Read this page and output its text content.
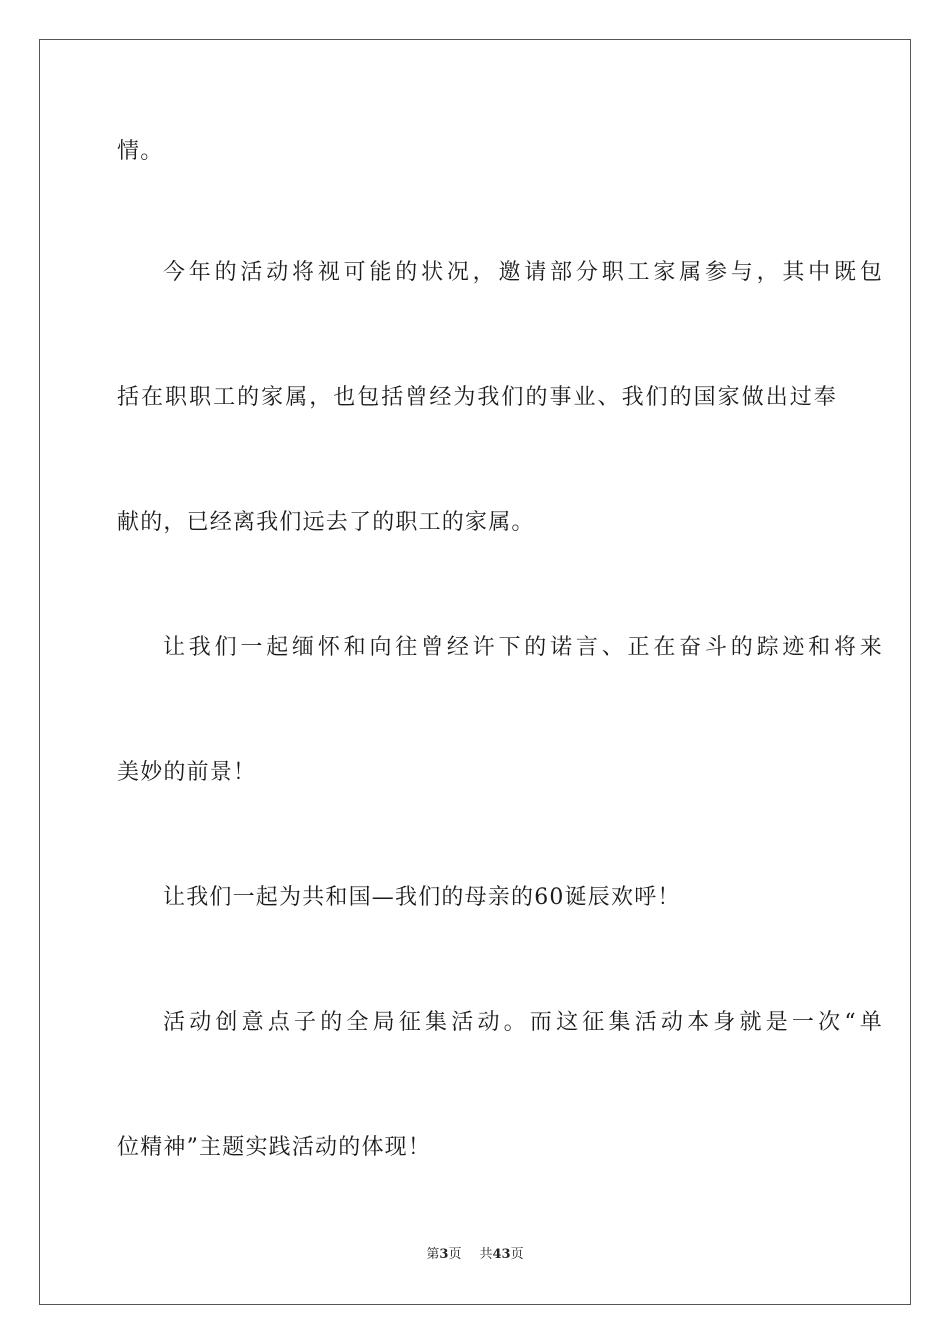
情。
今年的活动将视可能的状况，邀请部分职工家属参与，其中既包
括在职职工的家属，也包括曾经为我们的事业、我们的国家做出过奉
献的，已经离我们远去了的职工的家属。
让我们一起缅怀和向往曾经许下的诺言、正在奋斗的踪迹和将来
美妙的前景！
让我们一起为共和国—我们的母亲的60诞辰欢呼！
活动创意点子的全局征集活动。而这征集活动本身就是一次“单
位精神”主题实践活动的体现！
第3页 共43页
